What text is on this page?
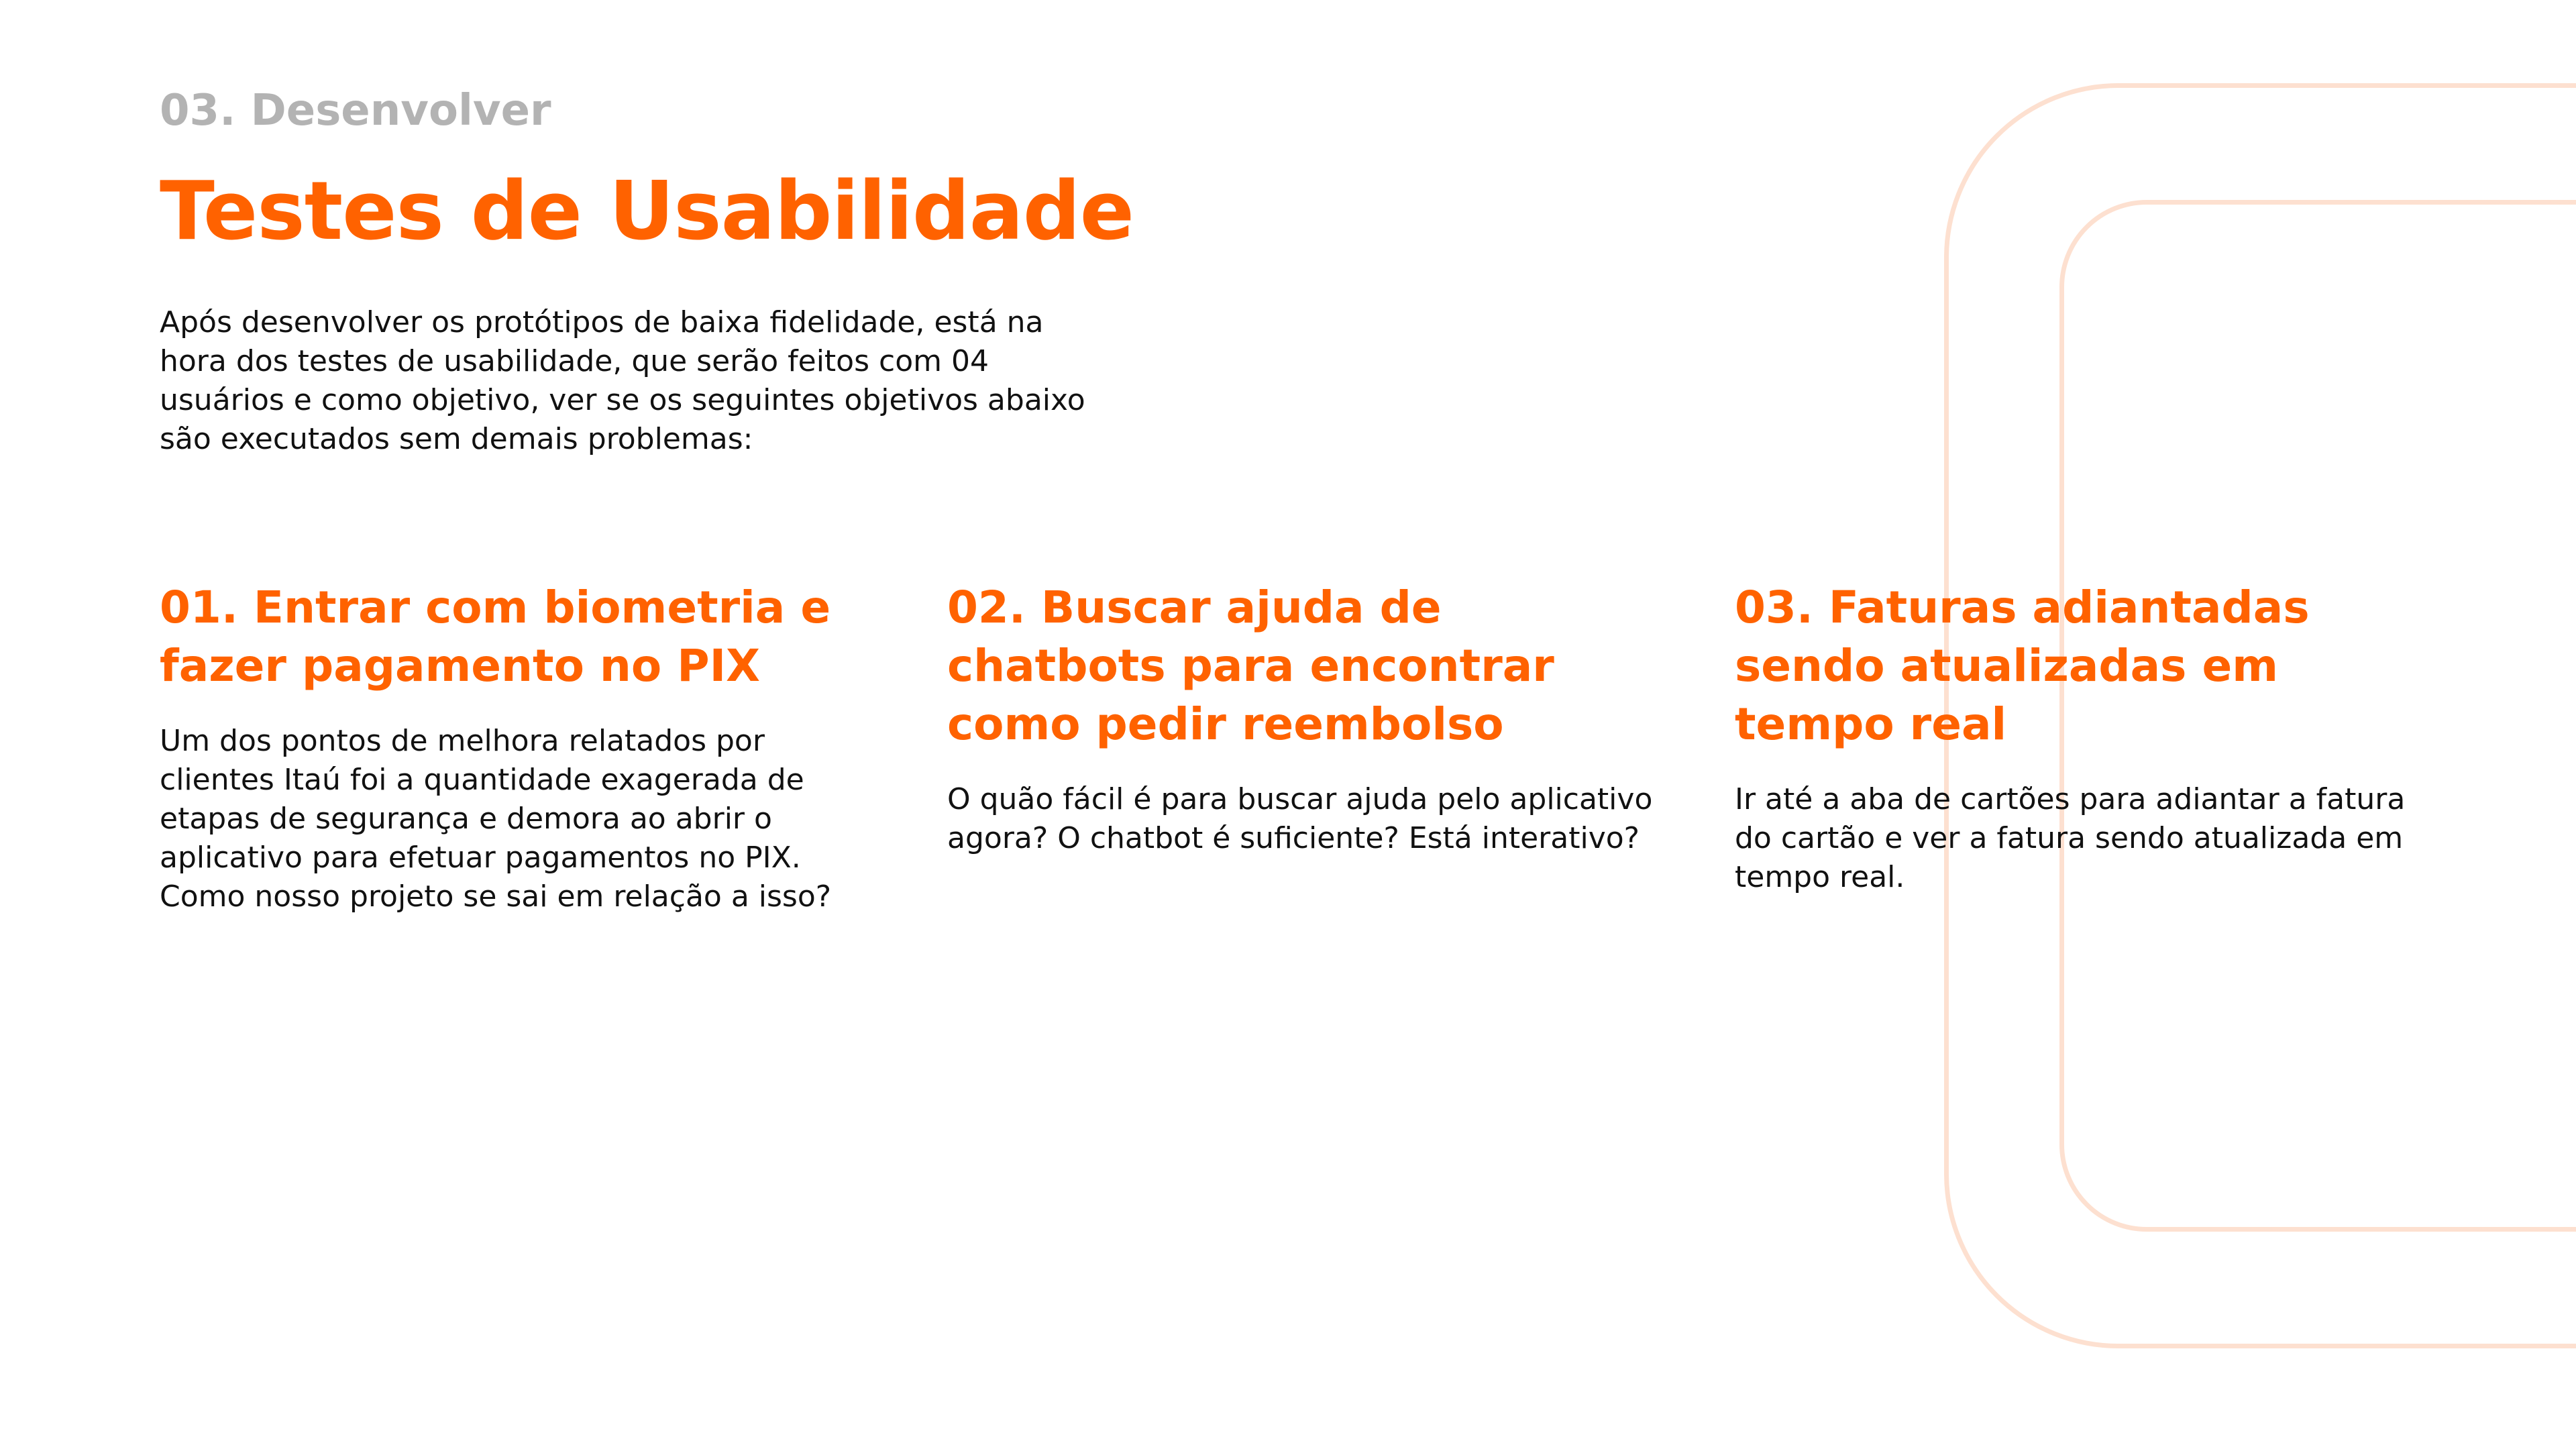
03. Desenvolver
Testes de Usabilidade

Após desenvolver os protótipos de baixa fidelidade, está na hora dos testes de usabilidade, que serão feitos com 04 usuários e como objetivo, ver se os seguintes objetivos abaixo são executados sem demais problemas:

01. Entrar com biometria e fazer pagamento no PIX

Um dos pontos de melhora relatados por clientes Itaú foi a quantidade exagerada de etapas de segurança e demora ao abrir o aplicativo para efetuar pagamentos no PIX. Como nosso projeto se sai em relação a isso?

02. Buscar ajuda de chatbots para encontrar como pedir reembolso

O quão fácil é para buscar ajuda pelo aplicativo agora? O chatbot é suficiente? Está interativo?

03. Faturas adiantadas sendo atualizadas em tempo real

Ir até a aba de cartões para adiantar a fatura do cartão e ver a fatura sendo atualizada em tempo real.
